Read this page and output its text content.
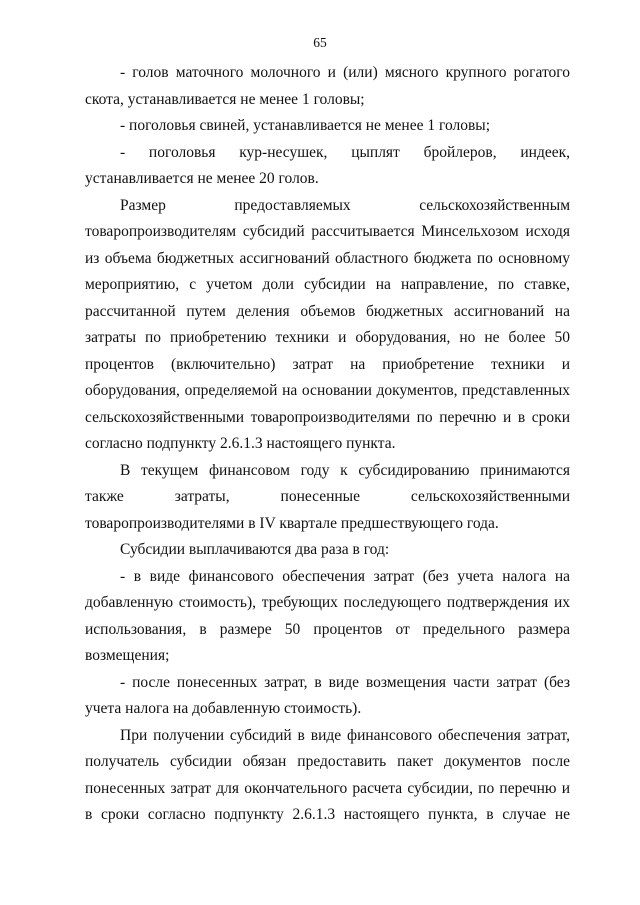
65

- голов маточного молочного и (или) мясного крупного рогатого скота, устанавливается не менее 1 головы;

- поголовья свиней, устанавливается не менее 1 головы;

- поголовья кур-несушек, цыплят бройлеров, индеек, устанавливается не менее 20 голов.

Размер предоставляемых сельскохозяйственным товаропроизводителям субсидий рассчитывается Минсельхозом исходя из объема бюджетных ассигнований областного бюджета по основному мероприятию, с учетом доли субсидии на направление, по ставке, рассчитанной путем деления объемов бюджетных ассигнований на затраты по приобретению техники и оборудования, но не более 50 процентов (включительно) затрат на приобретение техники и оборудования, определяемой на основании документов, представленных сельскохозяйственными товаропроизводителями по перечню и в сроки согласно подпункту 2.6.1.3 настоящего пункта.

В текущем финансовом году к субсидированию принимаются также затраты, понесенные сельскохозяйственными товаропроизводителями в IV квартале предшествующего года.

Субсидии выплачиваются два раза в год:

- в виде финансового обеспечения затрат (без учета налога на добавленную стоимость), требующих последующего подтверждения их использования, в размере 50 процентов от предельного размера возмещения;

- после понесенных затрат, в виде возмещения части затрат (без учета налога на добавленную стоимость).

При получении субсидий в виде финансового обеспечения затрат, получатель субсидии обязан предоставить пакет документов после понесенных затрат для окончательного расчета субсидии, по перечню и в сроки согласно подпункту 2.6.1.3 настоящего пункта, в случае не
